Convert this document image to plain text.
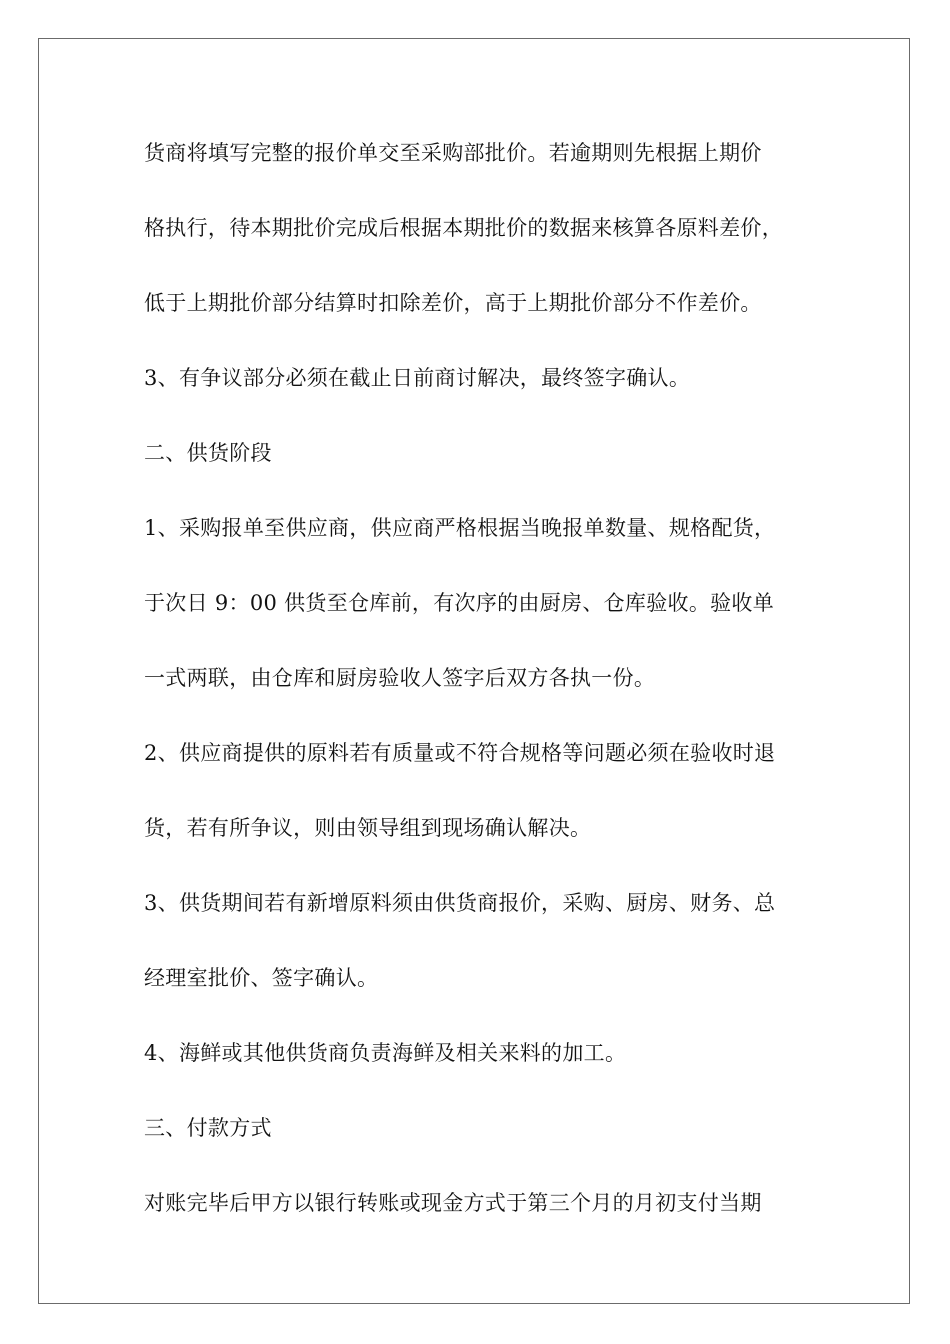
货商将填写完整的报价单交至采购部批价。若逾期则先根据上期价
格执行，待本期批价完成后根据本期批价的数据来核算各原料差价，
低于上期批价部分结算时扣除差价，高于上期批价部分不作差价。
3、有争议部分必须在截止日前商讨解决，最终签字确认。
二、供货阶段
1、采购报单至供应商，供应商严格根据当晚报单数量、规格配货，
于次日 9：00 供货至仓库前，有次序的由厨房、仓库验收。验收单
一式两联，由仓库和厨房验收人签字后双方各执一份。
2、供应商提供的原料若有质量或不符合规格等问题必须在验收时退
货，若有所争议，则由领导组到现场确认解决。
3、供货期间若有新增原料须由供货商报价，采购、厨房、财务、总
经理室批价、签字确认。
4、海鲜或其他供货商负责海鲜及相关来料的加工。
三、付款方式
对账完毕后甲方以银行转账或现金方式于第三个月的月初支付当期
